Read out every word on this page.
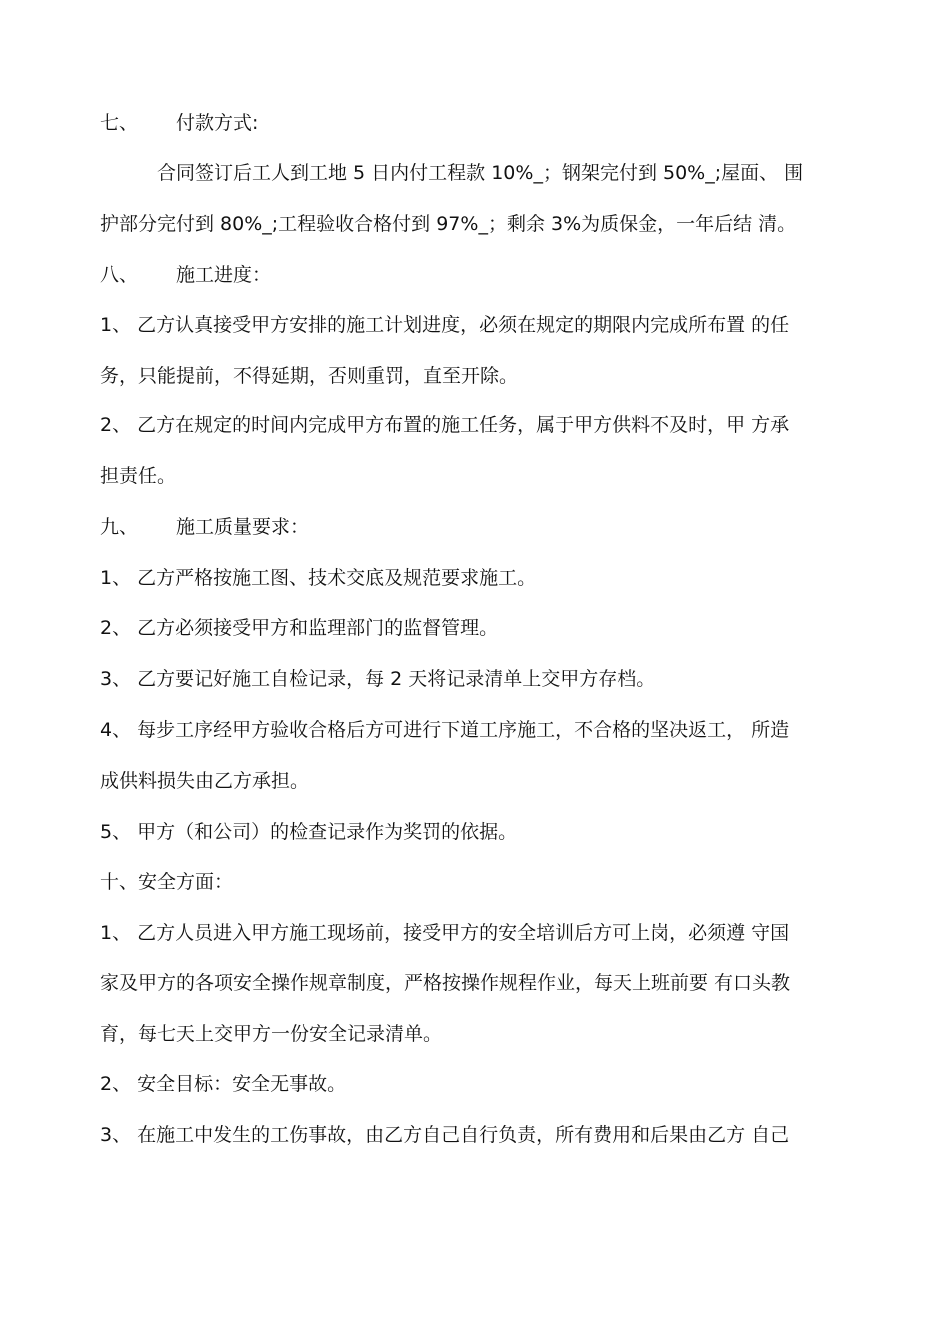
七、 付款方式:
合同签订后工人到工地 5 日内付工程款 10%_；钢架完付到 50%_;屋面、 围
护部分完付到 80%_;工程验收合格付到 97%_；剩余 3%为质保金，一年后结 清。
八、 施工进度：
1、 乙方认真接受甲方安排的施工计划进度，必须在规定的期限内完成所布置 的任
务，只能提前，不得延期，否则重罚，直至开除。
2、 乙方在规定的时间内完成甲方布置的施工任务，属于甲方供料不及时，甲 方承
担责任。
九、 施工质量要求：
1、 乙方严格按施工图、技术交底及规范要求施工。
2、 乙方必须接受甲方和监理部门的监督管理。
3、 乙方要记好施工自检记录，每 2 天将记录清单上交甲方存档。
4、 每步工序经甲方验收合格后方可进行下道工序施工，不合格的坚决返工， 所造
成供料损失由乙方承担。
5、 甲方（和公司）的检查记录作为奖罚的依据。
十、安全方面：
1、 乙方人员进入甲方施工现场前，接受甲方的安全培训后方可上岗，必须遵 守国
家及甲方的各项安全操作规章制度，严格按操作规程作业，每天上班前要 有口头教
育，每七天上交甲方一份安全记录清单。
2、 安全目标：安全无事故。
3、 在施工中发生的工伤事故，由乙方自己自行负责，所有费用和后果由乙方 自己
